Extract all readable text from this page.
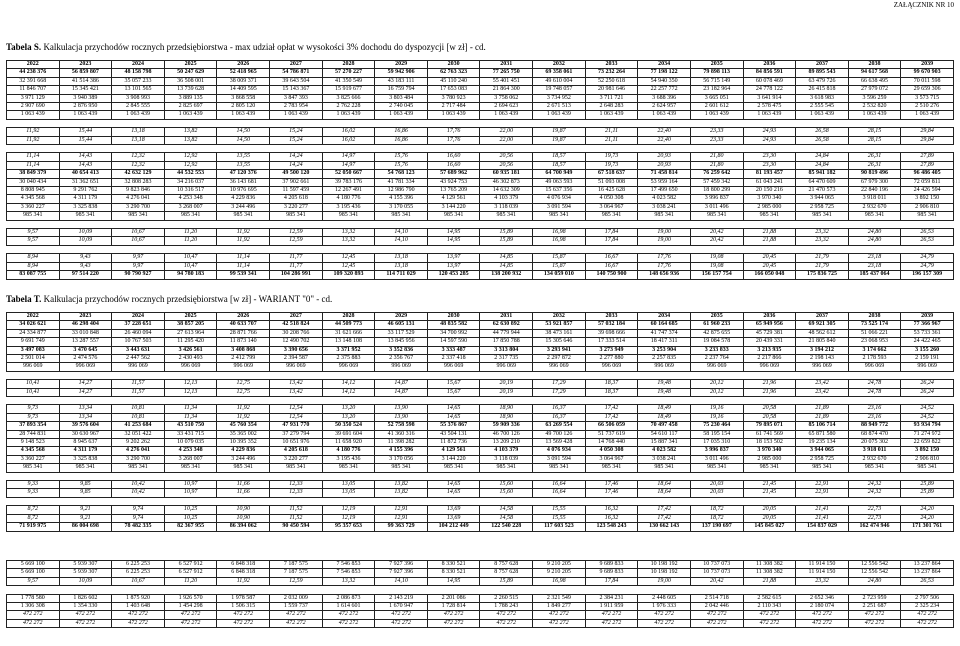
ZAŁĄCZNIK NR 10
Tabela S. Kalkulacja przychodów rocznych przedsiębiorstwa - max udział opłat w wysokości 3% dochodu do dyspozycji [w zł] - cd.
2022	2023	2024	2025	2026	2027	2028	2029	2030	2031	2032	2033	2034	2035	2036	2037	2038	2039
44 238 376	56 859 807	48 158 798	50 247 629	52 418 965	54 786 871	57 270 227	59 942 906	62 763 323	77 265 750	69 358 061	73 232 264	77 198 122	79 898 113	84 856 591	89 895 543	94 617 568	99 670 903
32 391 668	41 514 386	35 057 233	36 508 001	38 009 371	39 643 504	41 350 549	43 183 111	45 110 240	55 401 451	49 610 004	52 250 618	54 940 350	56 715 149	60 078 469	63 479 726	66 638 495	70 011 598
11 846 707	15 345 421	13 101 565	13 739 628	14 409 595	15 143 367	15 919 677	16 759 794	17 653 083	21 864 300	19 748 057	20 981 646	22 257 772	23 182 964	24 778 122	26 415 818	27 979 072	29 659 306
3 971 129	3 940 389	3 908 993	3 889 135	3 868 558	3 847 393	3 825 666	3 803 484	3 780 923	3 758 062	3 734 952	3 711 721	3 688 396	3 665 051	3 641 914	3 618 983	3 596 259	3 573 715
2 907 690	2 876 950	2 845 555	2 825 697	2 805 120	2 783 954	2 762 228	2 740 045	2 717 484	2 694 623	2 671 513	2 648 283	2 624 957	2 601 612	2 578 475	2 555 545	2 532 820	2 510 276
1 063 439	1 063 439	1 063 439	1 063 439	1 063 439	1 063 439	1 063 439	1 063 439	1 063 439	1 063 439	1 063 439	1 063 439	1 063 439	1 063 439	1 063 439	1 063 439	1 063 439	1 063 439

11,92	15,44	13,18	13,82	14,50	15,24	16,02	16,86	17,76	22,00	19,87	21,11	22,40	23,33	24,93	26,58	28,15	29,84
11,92	15,44	13,18	13,82	14,50	15,24	16,02	16,86	17,76	22,00	19,87	21,11	22,40	23,33	24,93	26,58	28,15	29,84

11,14	14,43	12,32	12,92	13,55	14,24	14,97	15,76	16,60	20,56	18,57	19,73	20,93	21,80	23,30	24,84	26,31	27,89
11,14	14,43	12,32	12,92	13,55	14,24	14,97	15,76	16,60	20,56	18,57	19,73	20,93	21,80	23,30	24,84	26,31	27,89
38 849 379	40 654 413	42 632 129	44 532 553	47 120 376	49 500 120	52 050 667	54 768 123	57 689 962	60 935 181	64 700 949	67 518 637	71 458 814	76 259 642	81 193 457	85 941 182	90 819 496	96 486 405
30 040 434	31 362 651	32 808 283	34 216 037	36 143 681	37 902 661	39 783 176	41 781 334	43 924 753	46 302 873	49 063 593	51 093 008	53 959 164	57 459 342	61 043 241	64 470 609	67 979 300	72 059 811
8 808 945	9 291 762	9 823 846	10 316 517	10 976 695	11 597 459	12 267 491	12 986 790	13 765 209	14 632 309	15 637 356	16 425 628	17 499 650	18 800 299	20 150 216	21 470 573	22 840 196	24 426 594
4 345 568	4 311 179	4 276 041	4 253 348	4 229 836	4 205 618	4 180 776	4 155 396	4 129 561	4 103 379	4 076 934	4 050 308	4 023 582	3 996 837	3 970 340	3 944 065	3 918 011	3 892 150
3 360 227	3 325 838	3 290 700	3 268 007	3 244 496	3 220 277	3 195 436	3 170 055	3 144 220	3 118 039	3 091 594	3 064 967	3 038 241	3 011 496	2 985 000	2 958 725	2 932 670	2 906 810
985 341	985 341	985 341	985 341	985 341	985 341	985 341	985 341	985 341	985 341	985 341	985 341	985 341	985 341	985 341	985 341	985 341	985 341

9,57	10,09	10,67	11,20	11,92	12,59	13,32	14,10	14,95	15,89	16,98	17,84	19,00	20,42	21,88	23,32	24,80	26,53
9,57	10,09	10,67	11,20	11,92	12,59	13,32	14,10	14,95	15,89	16,98	17,84	19,00	20,42	21,88	23,32	24,80	26,53

8,94	9,43	9,97	10,47	11,14	11,77	12,45	13,18	13,97	14,85	15,87	16,67	17,76	19,08	20,45	21,79	23,18	24,79
8,94	9,43	9,97	10,47	11,14	11,77	12,45	13,18	13,97	14,85	15,87	16,67	17,76	19,08	20,45	21,79	23,18	24,79
83 087 755	97 514 220	90 790 927	94 780 183	99 539 341	104 286 991	109 320 893	114 711 029	120 453 285	138 200 932	134 059 010	140 750 900	148 656 936	156 157 754	166 050 048	175 836 725	185 437 064	196 157 309
Tabela T. Kalkulacja przychodów rocznych przedsiębiorstwa [w zł] - WARIANT "0" - cd.
2022	2023	2024	2025	2026	2027	2028	2029	2030	2031	2032	2033	2034	2035	2036	2037	2038	2039
34 026 621	46 298 404	37 228 651	38 857 205	40 633 707	42 518 824	44 509 773	46 605 131	48 835 582	62 630 892	53 921 857	57 032 184	60 164 685	61 960 233	65 949 956	69 921 305	73 525 174	77 366 967
24 334 877	33 010 848	26 460 094	27 613 964	28 871 766	30 208 766	31 621 666	33 117 529	34 700 992	44 779 944	38 473 161	39 698 666	41 747 374	42 875 655	45 729 381	48 562 612	51 066 221	53 733 361
9 691 749	13 287 557	10 767 503	11 295 420	11 873 140	12 490 702	13 148 108	13 845 956	14 597 590	17 850 788	15 305 646	17 333 514	18 417 311	19 084 578	20 439 331	21 805 840	23 068 953	24 422 465
3 497 083	3 470 645	3 443 631	3 426 561	3 408 868	3 390 656	3 371 952	3 352 836	3 333 487	3 313 804	3 293 941	3 273 949	3 253 904	3 233 833	3 213 935	3 194 212	3 174 662	3 155 260
2 501 014	2 474 576	2 447 562	2 430 493	2 412 799	2 394 587	2 375 883	2 356 767	2 337 418	2 317 735	2 297 872	2 277 880	2 257 835	2 237 764	2 217 866	2 198 143	2 178 593	2 159 191
996 069	996 069	996 069	996 069	996 069	996 069	996 069	996 069	996 069	996 069	996 069	996 069	996 069	996 069	996 069	996 069	996 069	996 069

10,41	14,27	11,57	12,13	12,75	13,42	14,12	14,87	15,67	20,19	17,29	18,37	19,48	20,12	21,96	23,42	24,78	26,24
10,41	14,27	11,57	12,13	12,75	13,42	14,12	14,87	15,67	20,19	17,29	18,37	19,48	20,12	21,96	23,42	24,78	26,24

9,73	13,34	10,81	11,34	11,92	12,54	13,20	13,90	14,65	18,90	16,37	17,42	18,49	19,16	20,58	21,89	23,16	24,52
9,73	13,34	10,81	11,34	11,92	12,54	13,20	13,90	14,65	18,90	16,37	17,42	18,49	19,16	20,58	21,89	23,16	24,52
37 893 354	39 576 604	41 253 684	43 510 750	45 760 354	47 931 770	50 350 524	52 758 598	55 376 867	59 909 336	63 269 554	66 506 059	70 497 458	75 230 464	79 895 071	85 106 714	88 949 772	93 934 794
28 744 831	30 630 967	32 051 422	33 431 715	35 365 002	37 279 794	39 691 604	41 360 316	43 504 131	46 700 126	49 700 126	51 737 619	54 610 117	58 195 154	61 741 569	65 871 580	68 874 470	71 274 972
9 148 523	8 945 637	9 202 262	10 079 035	10 395 352	10 651 976	11 658 920	11 398 282	11 872 736	13 209 210	13 569 428	14 768 440	15 887 341	17 035 310	18 153 502	19 235 134	20 075 302	22 659 822
4 345 568	4 311 179	4 276 041	4 253 348	4 229 836	4 205 618	4 180 776	4 155 396	4 129 561	4 103 379	4 076 934	4 050 308	4 023 582	3 996 837	3 970 340	3 944 065	3 918 011	3 892 150
3 360 227	3 325 838	3 290 700	3 268 007	3 244 496	3 220 277	3 195 436	3 170 056	3 144 220	3 118 039	3 091 594	3 064 967	3 038 241	3 011 496	2 985 000	2 958 725	2 932 670	2 906 810
985 341	985 341	985 341	985 341	985 341	985 341	985 341	985 341	985 341	985 341	985 341	985 341	985 341	985 341	985 341	985 341	985 341	985 341

9,33	9,85	10,42	10,97	11,66	12,33	13,05	13,82	14,65	15,60	16,64	17,46	18,64	20,03	21,45	22,91	24,32	25,89
9,33	9,85	10,42	10,97	11,66	12,33	13,05	13,82	14,65	15,60	16,64	17,46	18,64	20,03	21,45	22,91	24,32	25,89

8,72	9,21	9,74	10,25	10,90	11,52	12,19	12,91	13,69	14,58	15,55	16,32	17,42	18,72	20,05	21,41	22,73	24,20
8,72	9,21	9,74	10,25	10,90	11,52	12,19	12,91	13,69	14,58	15,55	16,32	17,42	18,72	20,05	21,41	22,73	24,20
71 919 975	86 004 698	78 482 335	82 367 955	86 394 062	90 450 594	95 357 653	99 363 729	104 212 449	122 540 228	117 603 523	123 548 243	130 662 143	137 190 697	145 845 027	154 837 029	162 474 946	171 301 761
5 669 100	5 939 307	6 225 253	6 527 912	6 848 318	7 187 575	7 546 853	7 927 396	8 330 521	8 757 628	9 210 205	9 689 833	10 198 192	10 737 073	11 308 382	11 914 150	12 556 542	13 237 864
5 669 100	5 939 307	6 225 253	6 527 912	6 848 318	7 187 575	7 546 853	7 927 396	8 330 521	8 757 628	9 210 205	9 689 833	10 198 192	10 737 073	11 308 382	11 914 150	12 556 542	13 237 864
9,57	10,09	10,67	11,20	11,92	12,59	13,32	14,10	14,95	15,89	16,98	17,84	19,00	20,42	21,88	23,32	24,80	26,53

1 778 580	1 826 602	1 875 920	1 926 570	1 978 587	2 032 009	2 086 873	2 143 219	2 201 086	2 260 515	2 321 549	2 384 231	2 448 605	2 514 718	2 582 615	2 652 346	2 723 959	2 797 506
1 306 308	1 354 330	1 403 648	1 454 298	1 506 315	1 559 737	1 614 601	1 670 947	1 728 814	1 788 243	1 849 277	1 911 959	1 976 333	2 042 446	2 110 343	2 180 074	2 251 687	2 325 234
472 272	472 272	472 272	472 272	472 272	472 272	472 272	472 272	472 272	472 272	472 272	472 272	472 272	472 272	472 272	472 272	472 272	472 272
472 272	472 272	472 272	472 272	472 272	472 272	472 272	472 272	472 272	472 272	472 272	472 272	472 272	472 272	472 272	472 272	472 272	472 272
